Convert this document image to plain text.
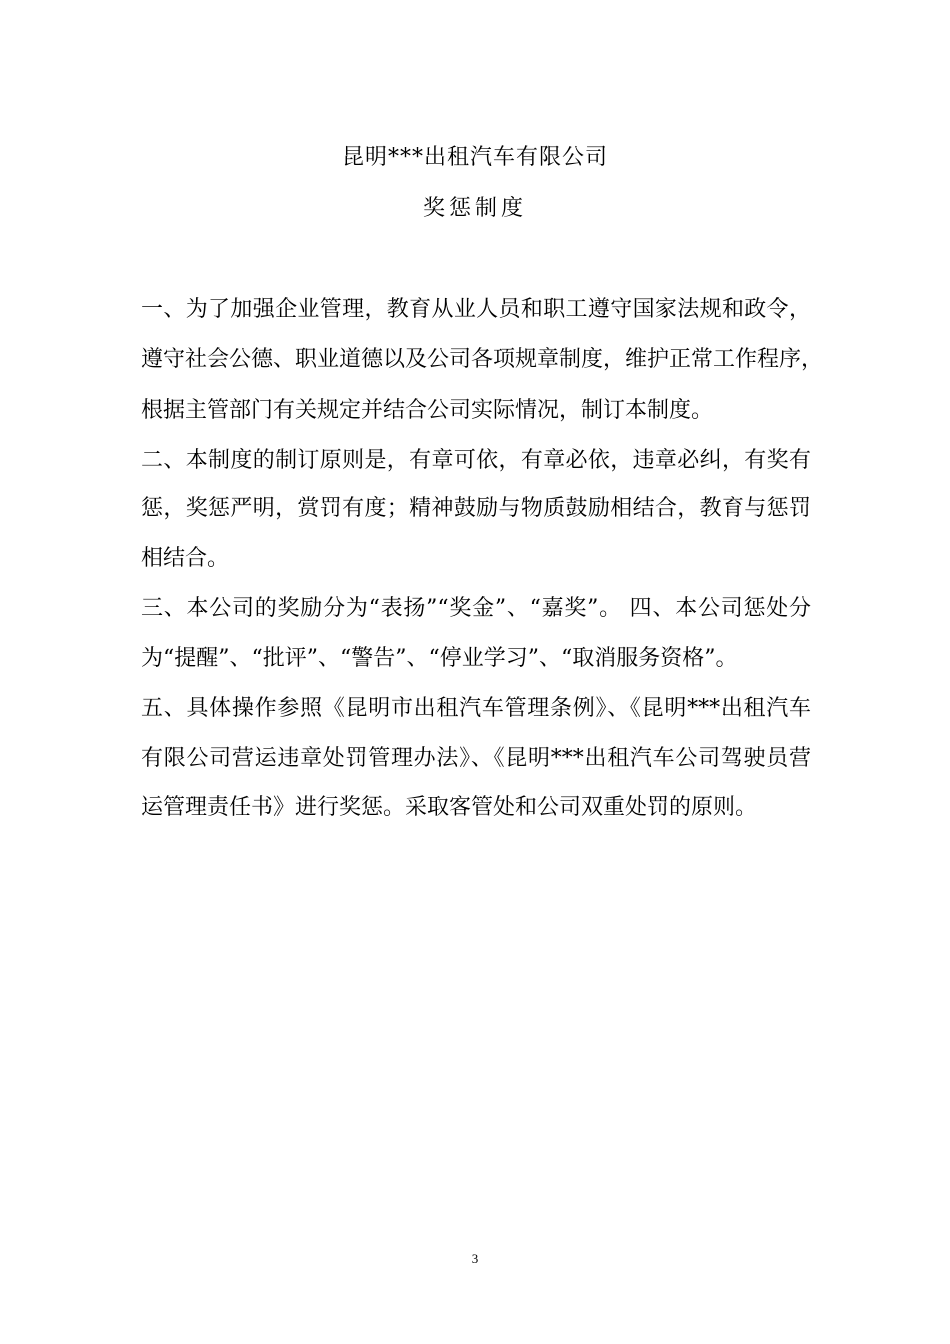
昆明***出租汽车有限公司
奖惩制度
一、为了加强企业管理，教育从业人员和职工遵守国家法规和政令，
遵守社会公德、职业道德以及公司各项规章制度，维护正常工作程序，
根据主管部门有关规定并结合公司实际情况，制订本制度。
二、本制度的制订原则是，有章可依，有章必依，违章必纠，有奖有
惩，奖惩严明，赏罚有度；精神鼓励与物质鼓励相结合，教育与惩罚
相结合。
三、本公司的奖励分为“表扬”“奖金”、“嘉奖”。 四、本公司惩处分
为“提醒”、“批评”、“警告”、“停业学习”、“取消服务资格”。
五、具体操作参照《昆明市出租汽车管理条例》、《昆明***出租汽车
有限公司营运违章处罚管理办法》、《昆明***出租汽车公司驾驶员营
运管理责任书》进行奖惩。采取客管处和公司双重处罚的原则。
3
